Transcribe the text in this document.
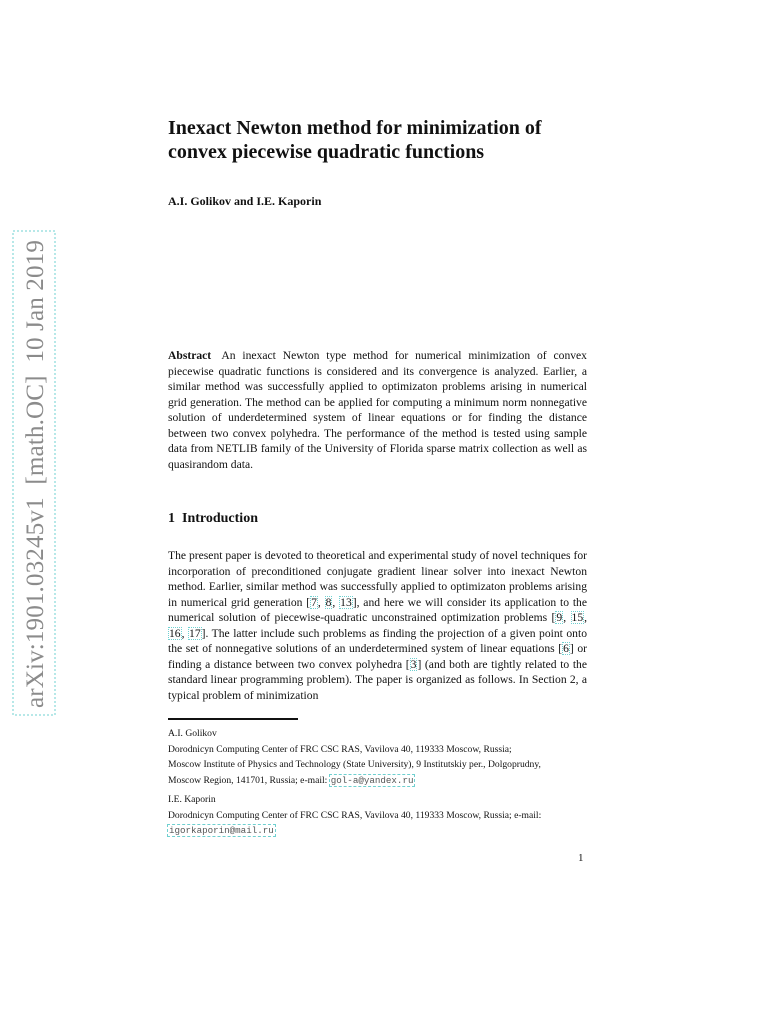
arXiv:1901.03245v1  [math.OC]  10 Jan 2019
Inexact Newton method for minimization of
convex piecewise quadratic functions
A.I. Golikov and I.E. Kaporin
Abstract An inexact Newton type method for numerical minimization of convex piecewise quadratic functions is considered and its convergence is analyzed. Earlier, a similar method was successfully applied to optimizaton problems arising in numerical grid generation. The method can be applied for computing a minimum norm nonnegative solution of underdetermined system of linear equations or for finding the distance between two convex polyhedra. The performance of the method is tested using sample data from NETLIB family of the University of Florida sparse matrix collection as well as quasirandom data.
1 Introduction
The present paper is devoted to theoretical and experimental study of novel techniques for incorporation of preconditioned conjugate gradient linear solver into inexact Newton method. Earlier, similar method was successfully applied to optimizaton problems arising in numerical grid generation [7, 8, 13], and here we will consider its application to the numerical solution of piecewise-quadratic unconstrained optimization problems [9, 15, 16, 17]. The latter include such problems as finding the projection of a given point onto the set of nonnegative solutions of an underdetermined system of linear equations [6] or finding a distance between two convex polyhedra [3] (and both are tightly related to the standard linear programming problem). The paper is organized as follows. In Section 2, a typical problem of minimization
A.I. Golikov
Dorodnicyn Computing Center of FRC CSC RAS, Vavilova 40, 119333 Moscow, Russia;
Moscow Institute of Physics and Technology (State University), 9 Institutskiy per., Dolgoprudny,
Moscow Region, 141701, Russia; e-mail: gol-a@yandex.ru
I.E. Kaporin
Dorodnicyn Computing Center of FRC CSC RAS, Vavilova 40, 119333 Moscow, Russia; e-mail:
igorkaporin@mail.ru
1
